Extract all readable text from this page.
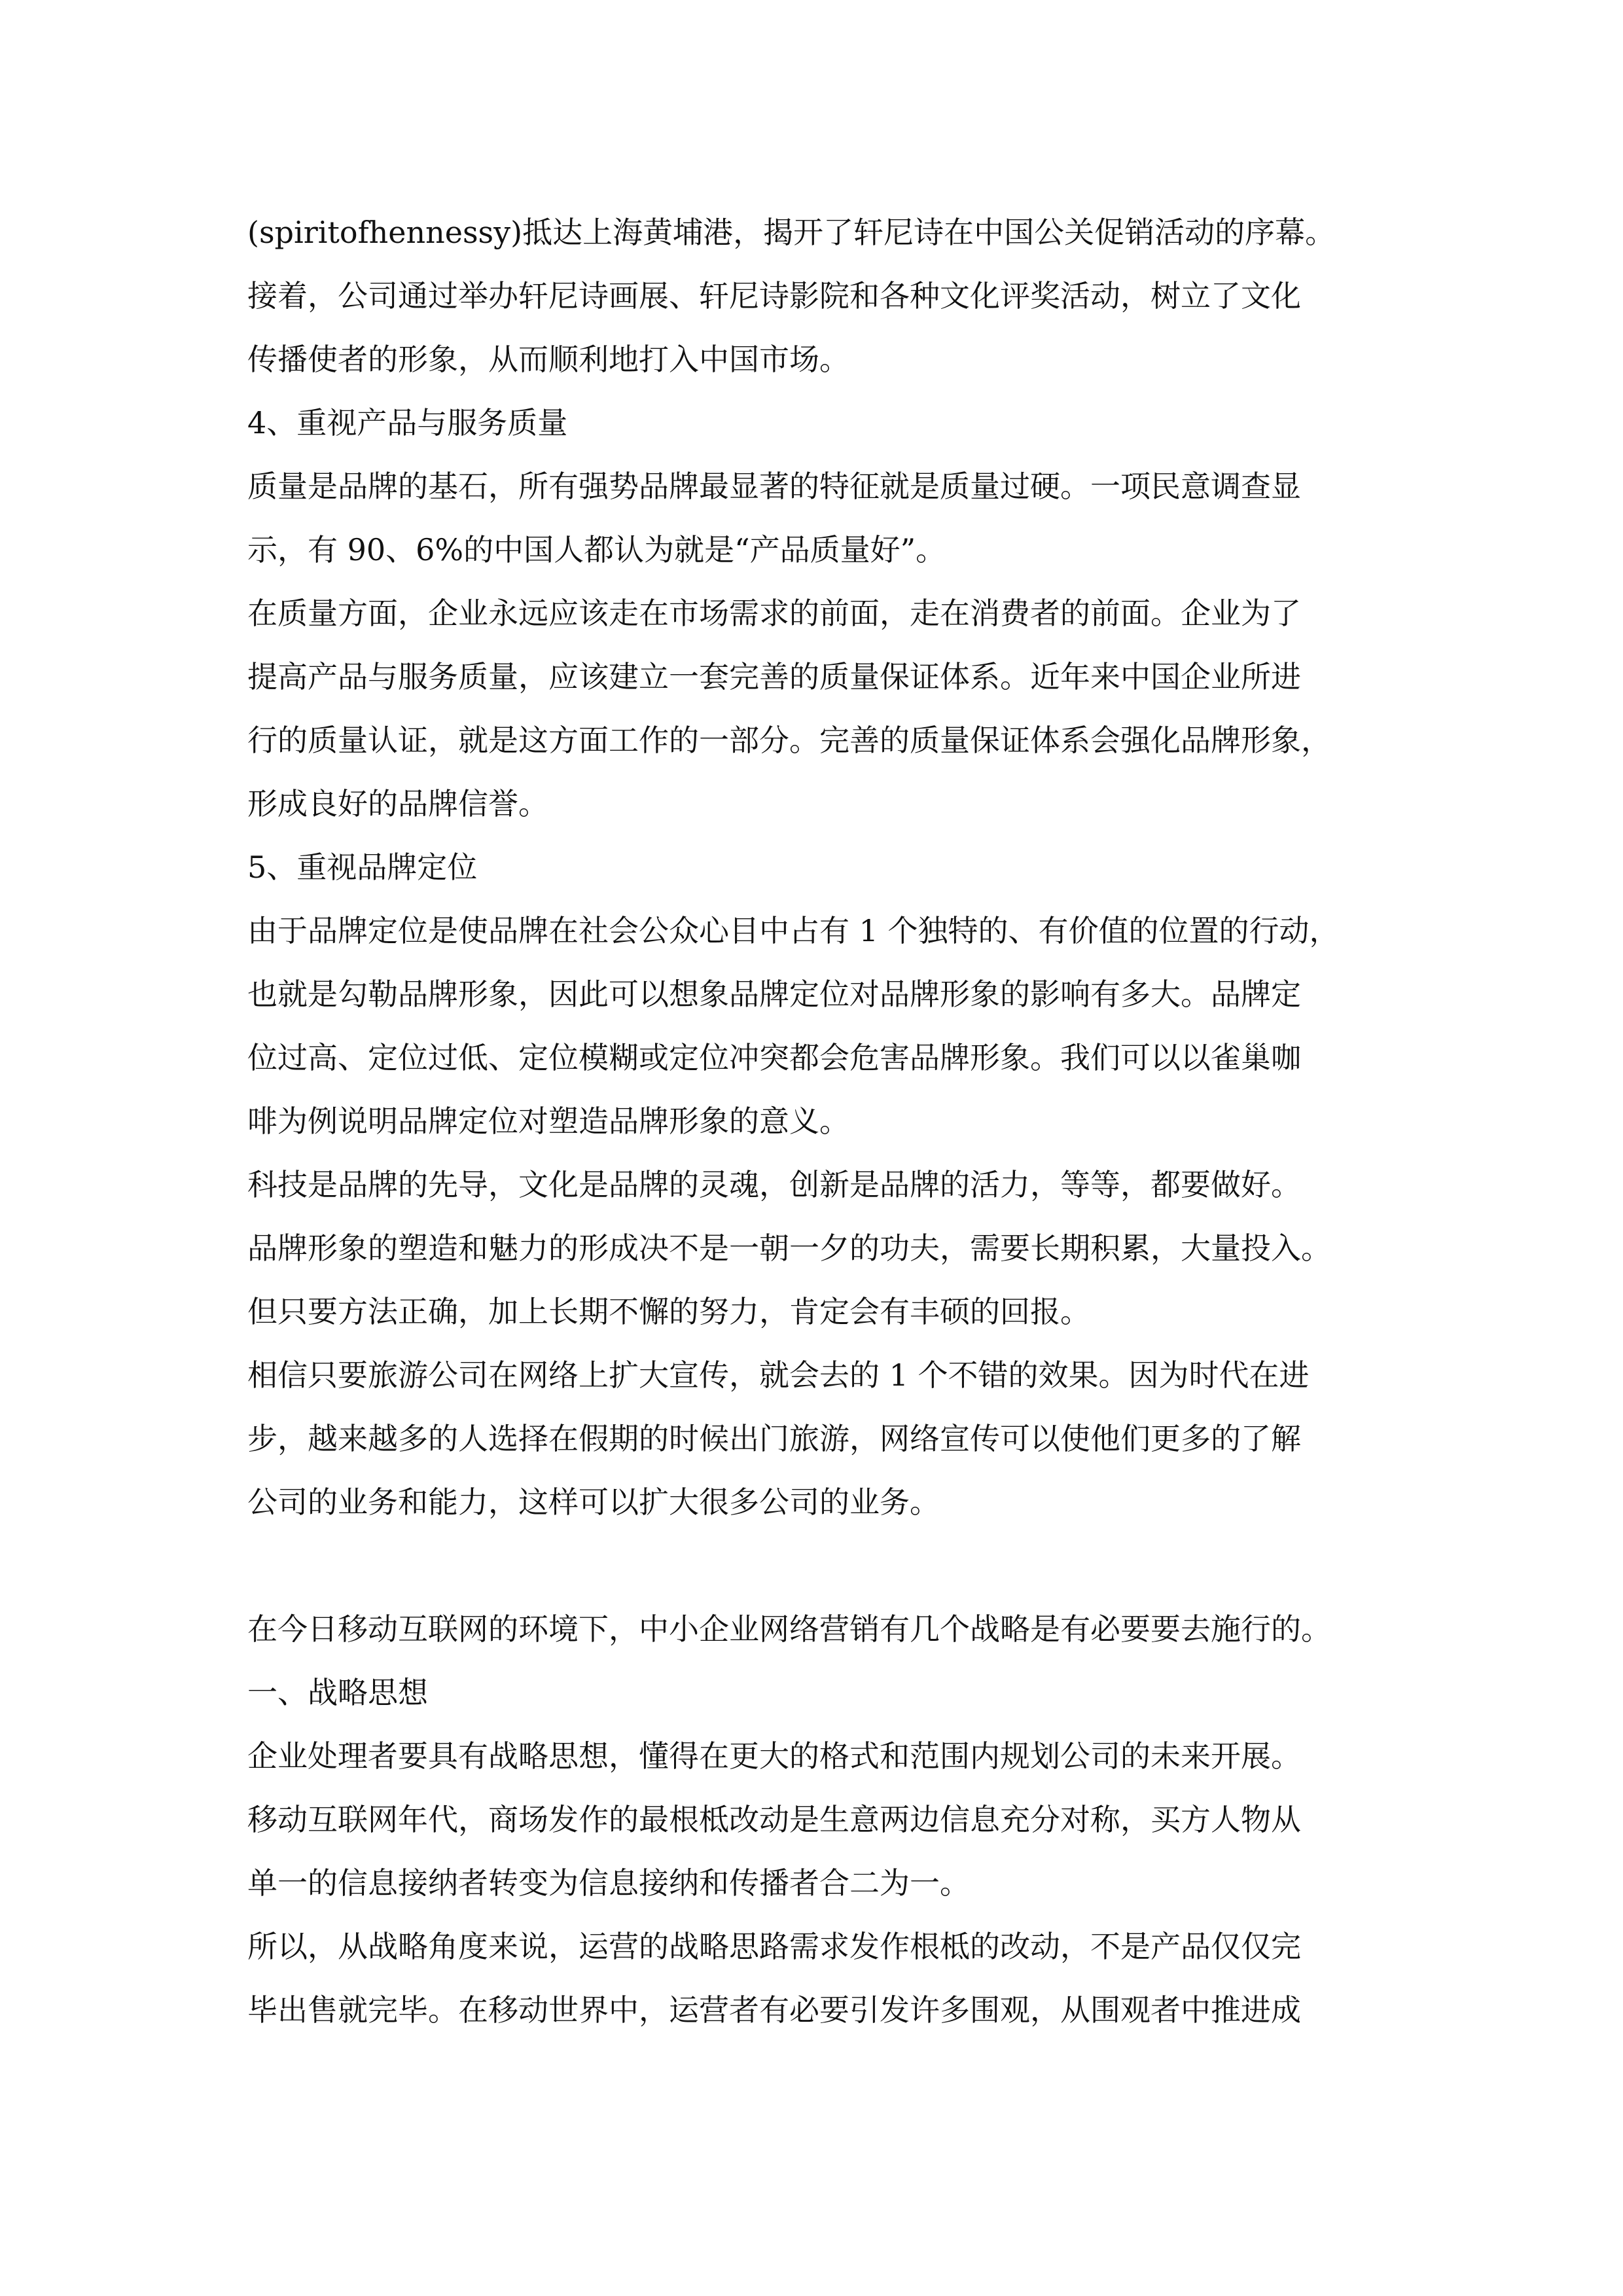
(spiritofhennessy)抵达上海黄埔港，揭开了轩尼诗在中国公关促销活动的序幕。
接着，公司通过举办轩尼诗画展、轩尼诗影院和各种文化评奖活动，树立了文化
传播使者的形象，从而顺利地打入中国市场。
4、重视产品与服务质量
质量是品牌的基石，所有强势品牌最显著的特征就是质量过硬。一项民意调查显
示，有 90、6%的中国人都认为就是“产品质量好”。
在质量方面，企业永远应该走在市场需求的前面，走在消费者的前面。企业为了
提高产品与服务质量，应该建立一套完善的质量保证体系。近年来中国企业所进
行的质量认证，就是这方面工作的一部分。完善的质量保证体系会强化品牌形象，
形成良好的品牌信誉。
5、重视品牌定位
由于品牌定位是使品牌在社会公众心目中占有 1 个独特的、有价值的位置的行动，
也就是勾勒品牌形象，因此可以想象品牌定位对品牌形象的影响有多大。品牌定
位过高、定位过低、定位模糊或定位冲突都会危害品牌形象。我们可以以雀巢咖
啡为例说明品牌定位对塑造品牌形象的意义。
科技是品牌的先导，文化是品牌的灵魂，创新是品牌的活力，等等，都要做好。
品牌形象的塑造和魅力的形成决不是一朝一夕的功夫，需要长期积累，大量投入。
但只要方法正确，加上长期不懈的努力，肯定会有丰硕的回报。
相信只要旅游公司在网络上扩大宣传，就会去的 1 个不错的效果。因为时代在进
步，越来越多的人选择在假期的时候出门旅游，网络宣传可以使他们更多的了解
公司的业务和能力，这样可以扩大很多公司的业务。
在今日移动互联网的环境下，中小企业网络营销有几个战略是有必要要去施行的。
一、战略思想
企业处理者要具有战略思想，懂得在更大的格式和范围内规划公司的未来开展。
移动互联网年代，商场发作的最根柢改动是生意两边信息充分对称，买方人物从
单一的信息接纳者转变为信息接纳和传播者合二为一。
所以，从战略角度来说，运营的战略思路需求发作根柢的改动，不是产品仅仅完
毕出售就完毕。在移动世界中，运营者有必要引发许多围观，从围观者中推进成
